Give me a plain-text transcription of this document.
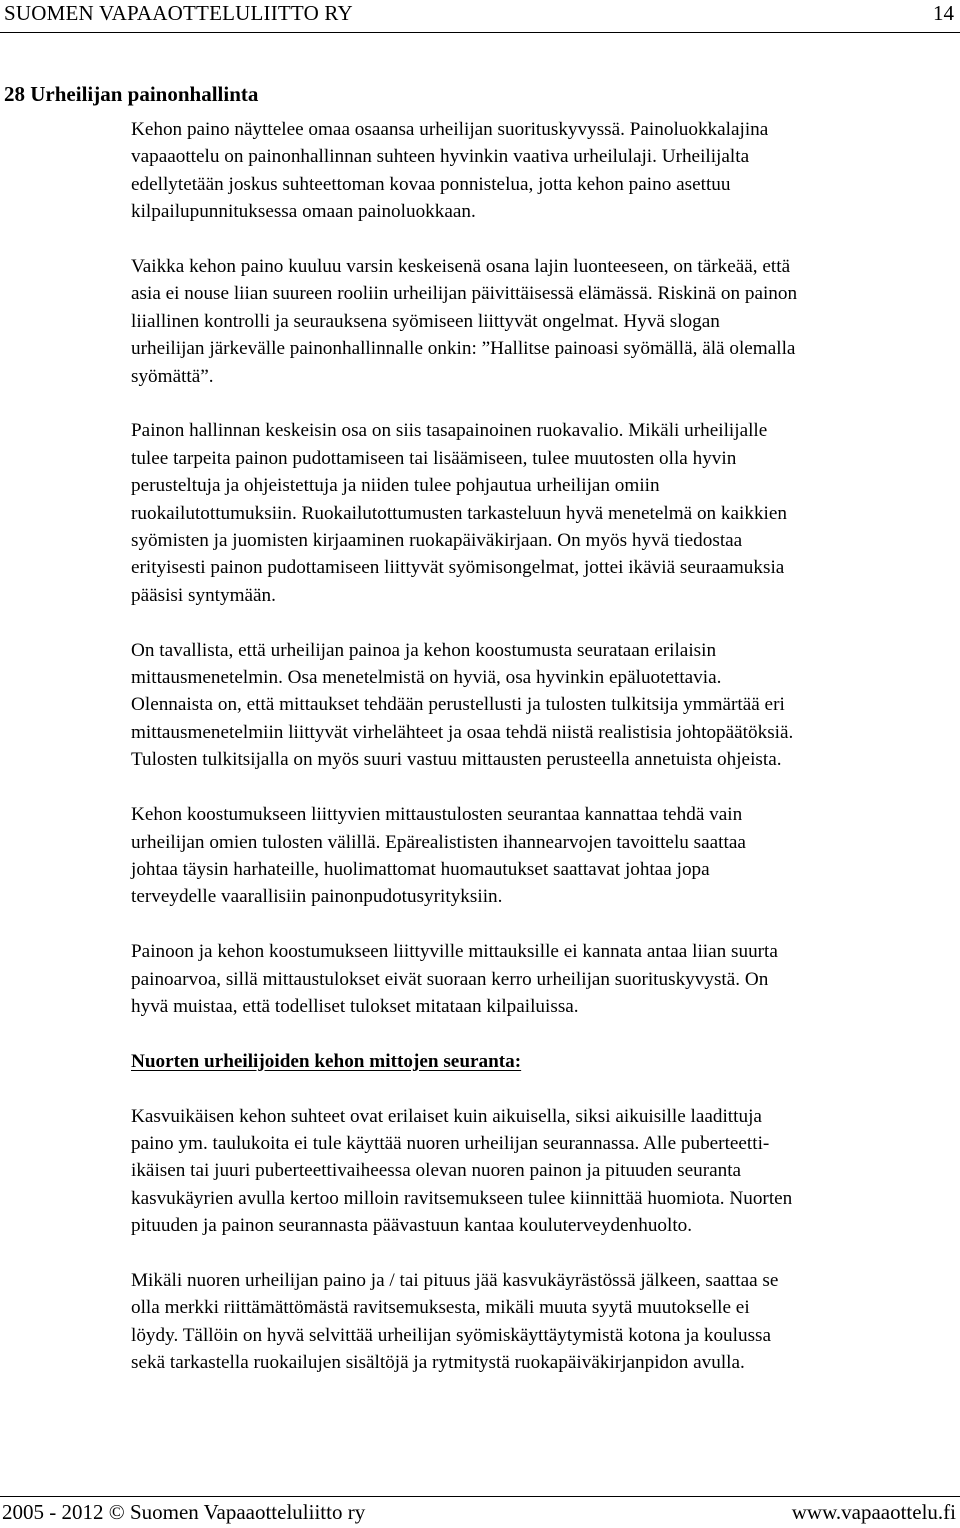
SUOMEN VAPAAOTTELULIITTO RY	14
28 Urheilijan painonhallinta
Kehon paino näyttelee omaa osaansa urheilijan suorituskyvyssä. Painoluokkalajina
vapaaottelu on painonhallinnan suhteen hyvinkin vaativa urheilulaji. Urheilijalta
edellytetään joskus suhteettoman kovaa ponnistelua, jotta kehon paino asettuu
kilpailupunnituksessa omaan painoluokkaan.
Vaikka kehon paino kuuluu varsin keskeisenä osana lajin luonteeseen, on tärkeää, että
asia ei nouse liian suureen rooliin urheilijan päivittäisessä elämässä. Riskinä on painon
liiallinen kontrolli ja seurauksena syömiseen liittyvät ongelmat. Hyvä slogan
urheilijan järkevälle painonhallinnalle onkin: ”Hallitse painoasi syömällä, älä olemalla
syömättä”.
Painon hallinnan keskeisin osa on siis tasapainoinen ruokavalio. Mikäli urheilijalle
tulee tarpeita painon pudottamiseen tai lisäämiseen, tulee muutosten olla hyvin
perusteltuja ja ohjeistettuja ja niiden tulee pohjautua urheilijan omiin
ruokailutottumuksiin. Ruokailutottumusten tarkasteluun hyvä menetelmä on kaikkien
syömisten ja juomisten kirjaaminen ruokapäiväkirjaan. On myös hyvä tiedostaa
erityisesti painon pudottamiseen liittyvät syömisongelmat, jottei ikäviä seuraamuksia
pääsisi syntymään.
On tavallista, että urheilijan painoa ja kehon koostumusta seurataan erilaisin
mittausmenetelmin. Osa menetelmistä on hyviä, osa hyvinkin epäluotettavia.
Olennaista on, että mittaukset tehdään perustellusti ja tulosten tulkitsija ymmärtää eri
mittausmenetelmiin liittyvät virhelähteet ja osaa tehdä niistä realistisia johtopäätöksiä.
Tulosten tulkitsijalla on myös suuri vastuu mittausten perusteella annetuista ohjeista.
Kehon koostumukseen liittyvien mittaustulosten seurantaa kannattaa tehdä vain
urheilijan omien tulosten välillä. Epärealististen ihannearvojen tavoittelu saattaa
johtaa täysin harhateille, huolimattomat huomautukset saattavat johtaa jopa
terveydelle vaarallisiin painonpudotusyrityksiin.
Painoon ja kehon koostumukseen liittyville mittauksille ei kannata antaa liian suurta
painoarvoa, sillä mittaustulokset eivät suoraan kerro urheilijan suorituskyvystä. On
hyvä muistaa, että todelliset tulokset mitataan kilpailuissa.
Nuorten urheilijoiden kehon mittojen seuranta:
Kasvuikäisen kehon suhteet ovat erilaiset kuin aikuisella, siksi aikuisille laadittuja
paino ym. taulukoita ei tule käyttää nuoren urheilijan seurannassa. Alle puberteetti-
ikäisen tai juuri puberteettivaiheessa olevan nuoren painon ja pituuden seuranta
kasvukäyrien avulla kertoo milloin ravitsemukseen tulee kiinnittää huomiota. Nuorten
pituuden ja painon seurannasta päävastuun kantaa kouluterveydenhuolto.
Mikäli nuoren urheilijan paino ja / tai pituus jää kasvukäyrästössä jälkeen, saattaa se
olla merkki riittämättömästä ravitsemuksesta, mikäli muuta syytä muutokselle ei
löydy. Tällöin on hyvä selvittää urheilijan syömiskäyttäytymistä kotona ja koulussa
sekä tarkastella ruokailujen sisältöjä ja rytmitystä ruokapäiväkirjanpidon avulla.
2005 - 2012 © Suomen Vapaaotteluliitto ry	www.vapaaottelu.fi
